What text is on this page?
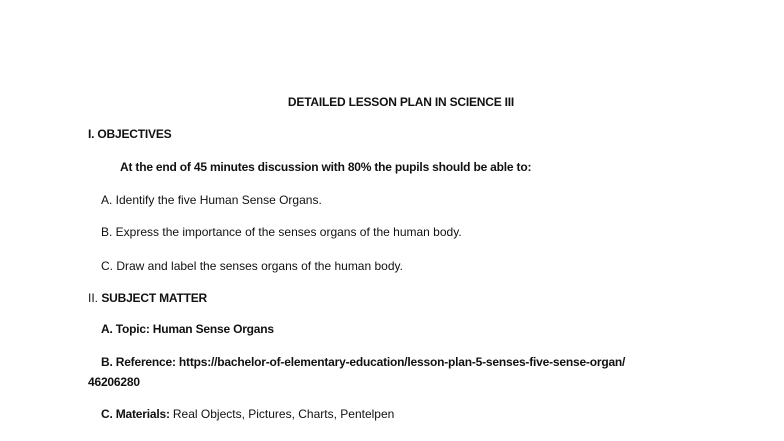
DETAILED LESSON PLAN IN SCIENCE III
I. OBJECTIVES
At the end of 45 minutes discussion with 80% the pupils should be able to:
A. Identify the five Human Sense Organs.
B. Express the importance of the senses organs of the human body.
C. Draw and label the senses organs of the human body.
II. SUBJECT MATTER
A. Topic: Human Sense Organs
B. Reference: https://bachelor-of-elementary-education/lesson-plan-5-senses-five-sense-organ/
46206280
C. Materials: Real Objects, Pictures, Charts, Pentelpen
